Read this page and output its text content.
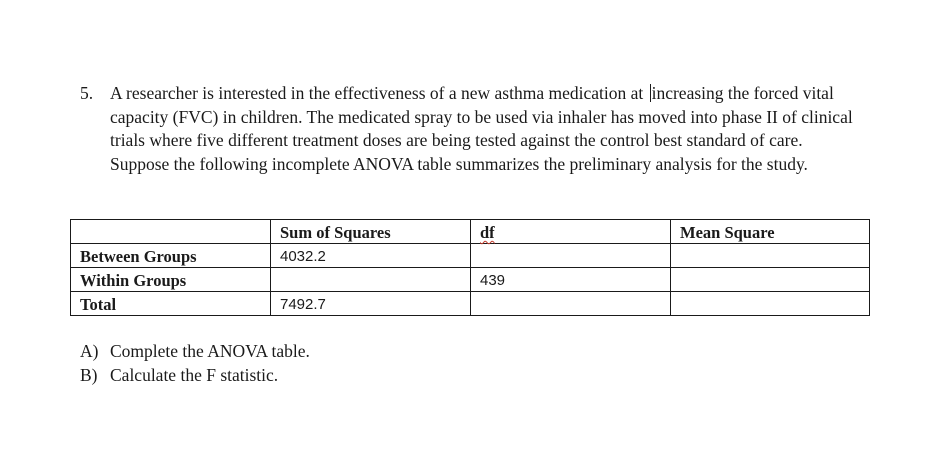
5. A researcher is interested in the effectiveness of a new asthma medication at increasing the forced vital capacity (FVC) in children. The medicated spray to be used via inhaler has moved into phase II of clinical trials where five different treatment doses are being tested against the control best standard of care. Suppose the following incomplete ANOVA table summarizes the preliminary analysis for the study.
	Sum of Squares	df	Mean Square
Between Groups	4032.2		
Within Groups		439	
Total	7492.7		
A) Complete the ANOVA table.
B) Calculate the F statistic.
